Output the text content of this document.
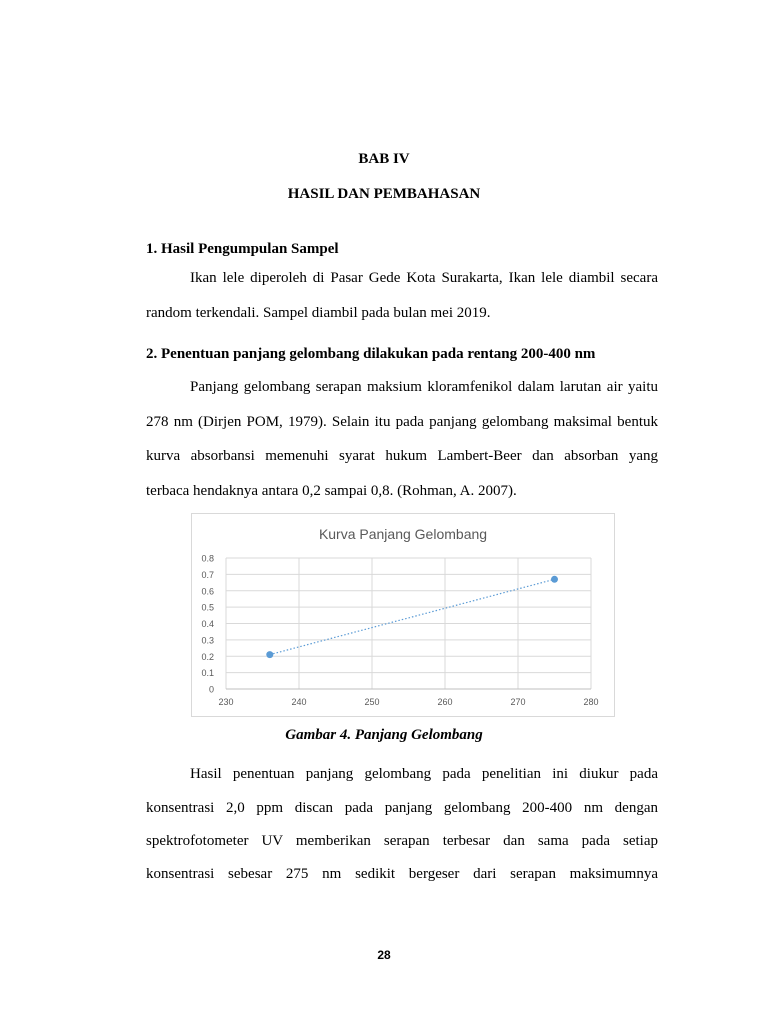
BAB IV
HASIL DAN PEMBAHASAN
1. Hasil Pengumpulan Sampel
Ikan lele diperoleh di Pasar Gede Kota Surakarta, Ikan lele diambil secara
random terkendali. Sampel diambil pada bulan mei 2019.
2. Penentuan panjang gelombang dilakukan pada rentang 200-400 nm
Panjang gelombang serapan maksium kloramfenikol dalam larutan air yaitu
278 nm (Dirjen POM, 1979). Selain itu pada panjang gelombang maksimal bentuk
kurva absorbansi memenuhi syarat hukum Lambert-Beer dan absorban yang
terbaca hendaknya antara 0,2 sampai 0,8. (Rohman, A. 2007).
Kurva Panjang Gelombang
0
0.1
0.2
0.3
0.4
0.5
0.6
0.7
0.8
230	240	250	260	270	280
Gambar 4. Panjang Gelombang
Hasil penentuan panjang gelombang pada penelitian ini diukur pada
konsentrasi 2,0 ppm discan pada panjang gelombang 200-400 nm dengan
spektrofotometer UV memberikan serapan terbesar dan sama pada setiap
konsentrasi sebesar 275 nm sedikit bergeser dari serapan maksimumnya
28
